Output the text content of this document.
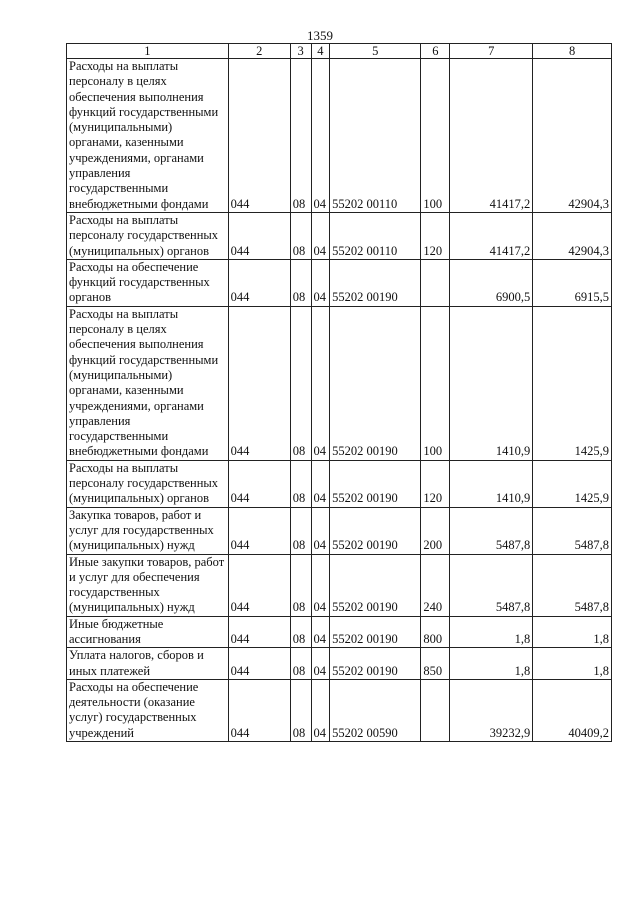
1359
1	2	3	4	5	6	7	8
Расходы на выплаты персоналу в целях обеспечения выполнения функций государственными (муниципальными) органами, казенными учреждениями, органами управления государственными внебюджетными фондами	044	08	04	55202 00110	100	41417,2	42904,3
Расходы на выплаты персоналу государственных (муниципальных) органов	044	08	04	55202 00110	120	41417,2	42904,3
Расходы на обеспечение функций государственных органов	044	08	04	55202 00190		6900,5	6915,5
Расходы на выплаты персоналу в целях обеспечения выполнения функций государственными (муниципальными) органами, казенными учреждениями, органами управления государственными внебюджетными фондами	044	08	04	55202 00190	100	1410,9	1425,9
Расходы на выплаты персоналу государственных (муниципальных) органов	044	08	04	55202 00190	120	1410,9	1425,9
Закупка товаров, работ и услуг для государственных (муниципальных) нужд	044	08	04	55202 00190	200	5487,8	5487,8
Иные закупки товаров, работ и услуг для обеспечения государственных (муниципальных) нужд	044	08	04	55202 00190	240	5487,8	5487,8
Иные бюджетные ассигнования	044	08	04	55202 00190	800	1,8	1,8
Уплата налогов, сборов и иных платежей	044	08	04	55202 00190	850	1,8	1,8
Расходы на обеспечение деятельности (оказание услуг) государственных учреждений	044	08	04	55202 00590		39232,9	40409,2
